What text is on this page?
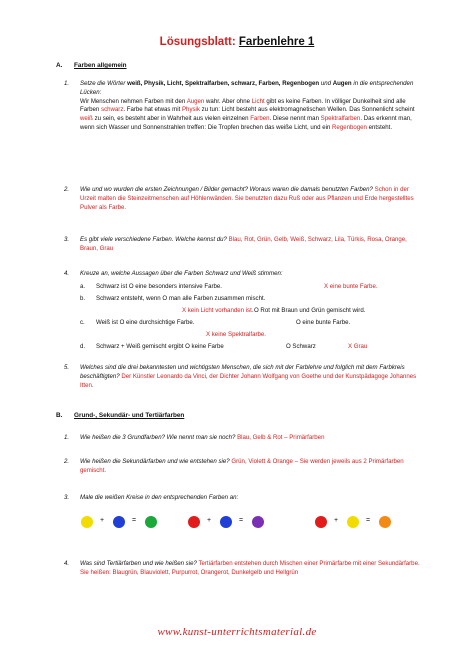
Lösungsblatt: Farbenlehre 1
A. Farben allgemein
1. Setze die Wörter weiß, Physik, Licht, Spektralfarben, schwarz, Farben, Regenbogen und Augen in die entsprechenden Lücken:
Wir Menschen nehmen Farben mit den Augen wahr. Aber ohne Licht gibt es keine Farben. In völliger Dunkelheit sind alle Farben schwarz. Farbe hat etwas mit Physik zu tun: Licht besteht aus elektromagnetischen Wellen. Das Sonnenlicht scheint weiß zu sein, es besteht aber in Wahrheit aus vielen einzelnen Farben. Diese nennt man Spektralfarben. Das erkennt man, wenn sich Wasser und Sonnenstrahlen treffen: Die Tropfen brechen das weiße Licht, und ein Regenbogen entsteht.
2. Wie und wo wurden die ersten Zeichnungen / Bilder gemacht? Woraus waren die damals benutzten Farben? Schon in der Urzeit malten die Steinzeitmenschen auf Höhlenwänden. Sie benutzten dazu Ruß oder aus Pflanzen und Erde hergestelltes Pulver als Farbe.
3. Es gibt viele verschiedene Farben. Welche kennst du? Blau, Rot, Grün, Gelb, Weiß, Schwarz, Lila, Türkis, Rosa, Orange, Braun, Grau
4. Kreuze an, welche Aussagen über die Farben Schwarz und Weiß stimmen:
a. Schwarz ist O eine besonders intensive Farbe.	X eine bunte Farbe.
b. Schwarz entsteht, wenn O man alle Farben zusammen mischt.
X kein Licht vorhanden ist. O Rot mit Braun und Grün gemischt wird.
c. Weiß ist O eine durchsichtige Farbe.	O eine bunte Farbe.
X keine Spektralfarbe.
d. Schwarz + Weiß gemischt ergibt O keine Farbe	O Schwarz	X Grau
5. Welches sind die drei bekanntesten und wichtigsten Menschen, die sich mit der Farblehre und folglich mit dem Farbkreis beschäftigten? Der Künstler Leonardo da Vinci, der Dichter Johann Wolfgang von Goethe und der Kunstpädagoge Johannes Itten.
B. Grund-, Sekundär- und Tertiärfarben
1. Wie heißen die 3 Grundfarben? Wie nennt man sie noch? Blau, Gelb & Rot – Primärfarben
2. Wie heißen die Sekundärfarben und wie entstehen sie? Grün, Violett & Orange – Sie werden jeweils aus 2 Primärfarben gemischt.
3. Male die weißen Kreise in den entsprechenden Farben an:
+	=	+	=	+	=
4. Was sind Tertiärfarben und wie heißen sie? Tertiärfarben entstehen durch Mischen einer Primärfarbe mit einer Sekundärfarbe. Sie heißen: Blaugrün, Blauviolett, Purpurrot, Orangerot, Dunkelgelb und Hellgrün
www.kunst-unterrichtsmaterial.de
